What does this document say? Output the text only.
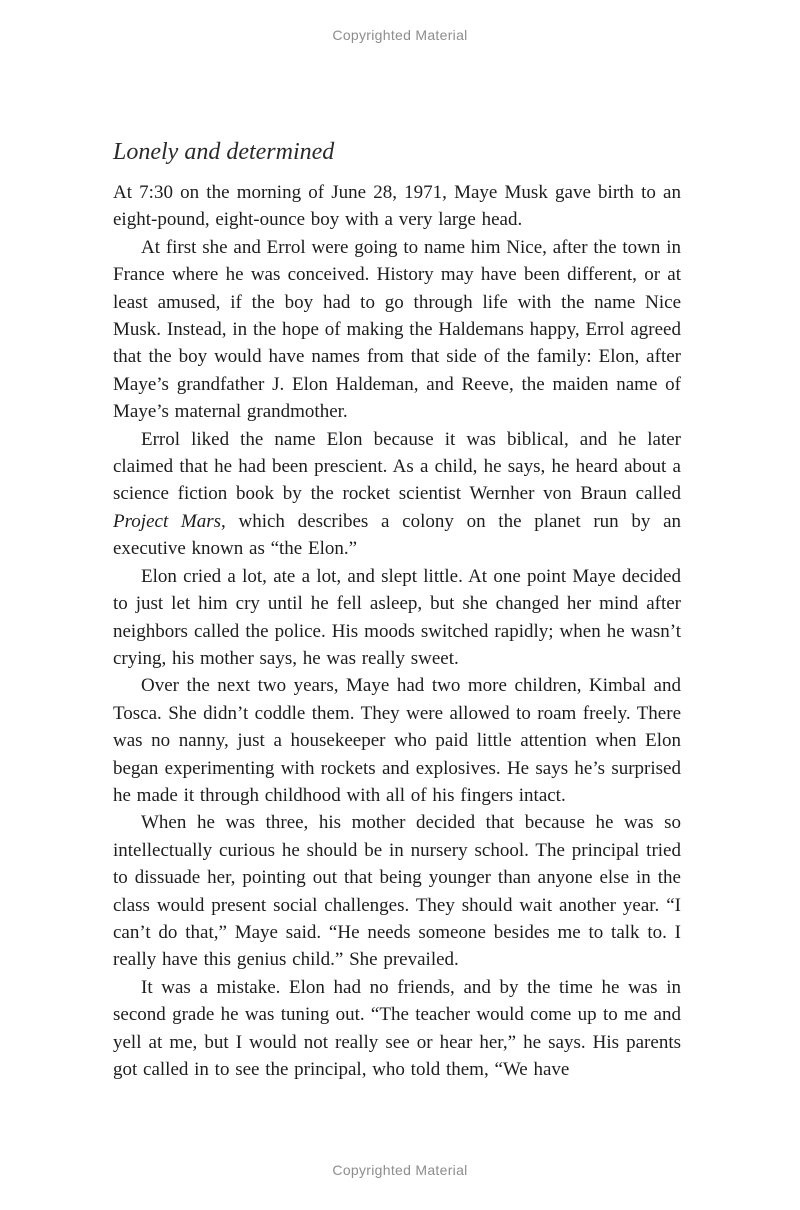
Copyrighted Material
Lonely and determined

At 7:30 on the morning of June 28, 1971, Maye Musk gave birth to an eight-pound, eight-ounce boy with a very large head.

At first she and Errol were going to name him Nice, after the town in France where he was conceived. History may have been different, or at least amused, if the boy had to go through life with the name Nice Musk. Instead, in the hope of making the Haldemans happy, Errol agreed that the boy would have names from that side of the family: Elon, after Maye’s grandfather J. Elon Haldeman, and Reeve, the maiden name of Maye’s maternal grandmother.

Errol liked the name Elon because it was biblical, and he later claimed that he had been prescient. As a child, he says, he heard about a science fiction book by the rocket scientist Wernher von Braun called Project Mars, which describes a colony on the planet run by an executive known as “the Elon.”

Elon cried a lot, ate a lot, and slept little. At one point Maye decided to just let him cry until he fell asleep, but she changed her mind after neighbors called the police. His moods switched rapidly; when he wasn’t crying, his mother says, he was really sweet.

Over the next two years, Maye had two more children, Kimbal and Tosca. She didn’t coddle them. They were allowed to roam freely. There was no nanny, just a housekeeper who paid little attention when Elon began experimenting with rockets and explosives. He says he’s surprised he made it through childhood with all of his fingers intact.

When he was three, his mother decided that because he was so intellectually curious he should be in nursery school. The principal tried to dissuade her, pointing out that being younger than anyone else in the class would present social challenges. They should wait another year. “I can’t do that,” Maye said. “He needs someone besides me to talk to. I really have this genius child.” She prevailed.

It was a mistake. Elon had no friends, and by the time he was in second grade he was tuning out. “The teacher would come up to me and yell at me, but I would not really see or hear her,” he says. His parents got called in to see the principal, who told them, “We have

Copyrighted Material
